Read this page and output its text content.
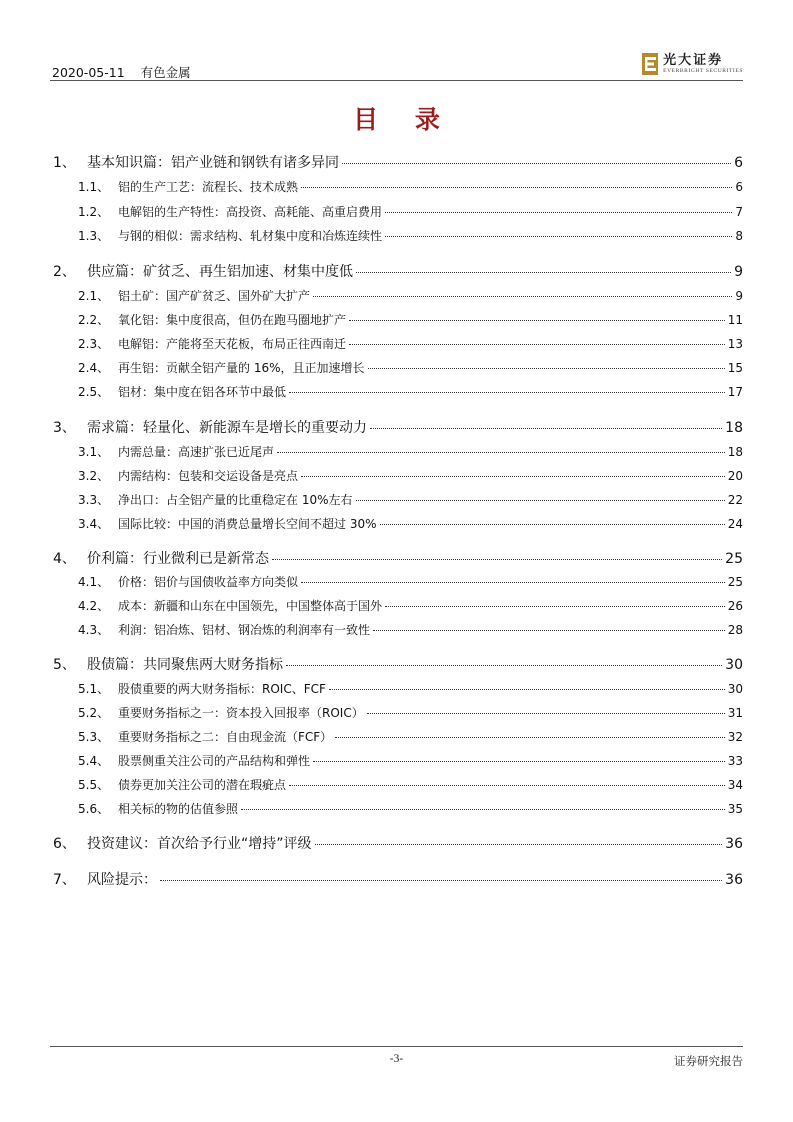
2020-05-11 有色金属
光大证券
EVERBRIGHT SECURITIES
目 录
1、 基本知识篇：铝产业链和钢铁有诸多异同	6
1.1、 铝的生产工艺：流程长、技术成熟	6
1.2、 电解铝的生产特性：高投资、高耗能、高重启费用	7
1.3、 与钢的相似：需求结构、轧材集中度和冶炼连续性	8
2、 供应篇：矿贫乏、再生铝加速、材集中度低	9
2.1、 铝土矿：国产矿贫乏、国外矿大扩产	9
2.2、 氧化铝：集中度很高，但仍在跑马圈地扩产	11
2.3、 电解铝：产能将至天花板，布局正往西南迁	13
2.4、 再生铝：贡献全铝产量的 16%，且正加速增长	15
2.5、 铝材：集中度在铝各环节中最低	17
3、 需求篇：轻量化、新能源车是增长的重要动力	18
3.1、 内需总量：高速扩张已近尾声	18
3.2、 内需结构：包装和交运设备是亮点	20
3.3、 净出口：占全铝产量的比重稳定在 10%左右	22
3.4、 国际比较：中国的消费总量增长空间不超过 30%	24
4、 价利篇：行业微利已是新常态	25
4.1、 价格：铝价与国债收益率方向类似	25
4.2、 成本：新疆和山东在中国领先，中国整体高于国外	26
4.3、 利润：铝冶炼、铝材、钢冶炼的利润率有一致性	28
5、 股债篇：共同聚焦两大财务指标	30
5.1、 股债重要的两大财务指标：ROIC、FCF	30
5.2、 重要财务指标之一：资本投入回报率（ROIC）	31
5.3、 重要财务指标之二：自由现金流（FCF）	32
5.4、 股票侧重关注公司的产品结构和弹性	33
5.5、 债券更加关注公司的潜在瑕疵点	34
5.6、 相关标的物的估值参照	35
6、 投资建议：首次给予行业“增持”评级	36
7、 风险提示：	36
-3-	证券研究报告
